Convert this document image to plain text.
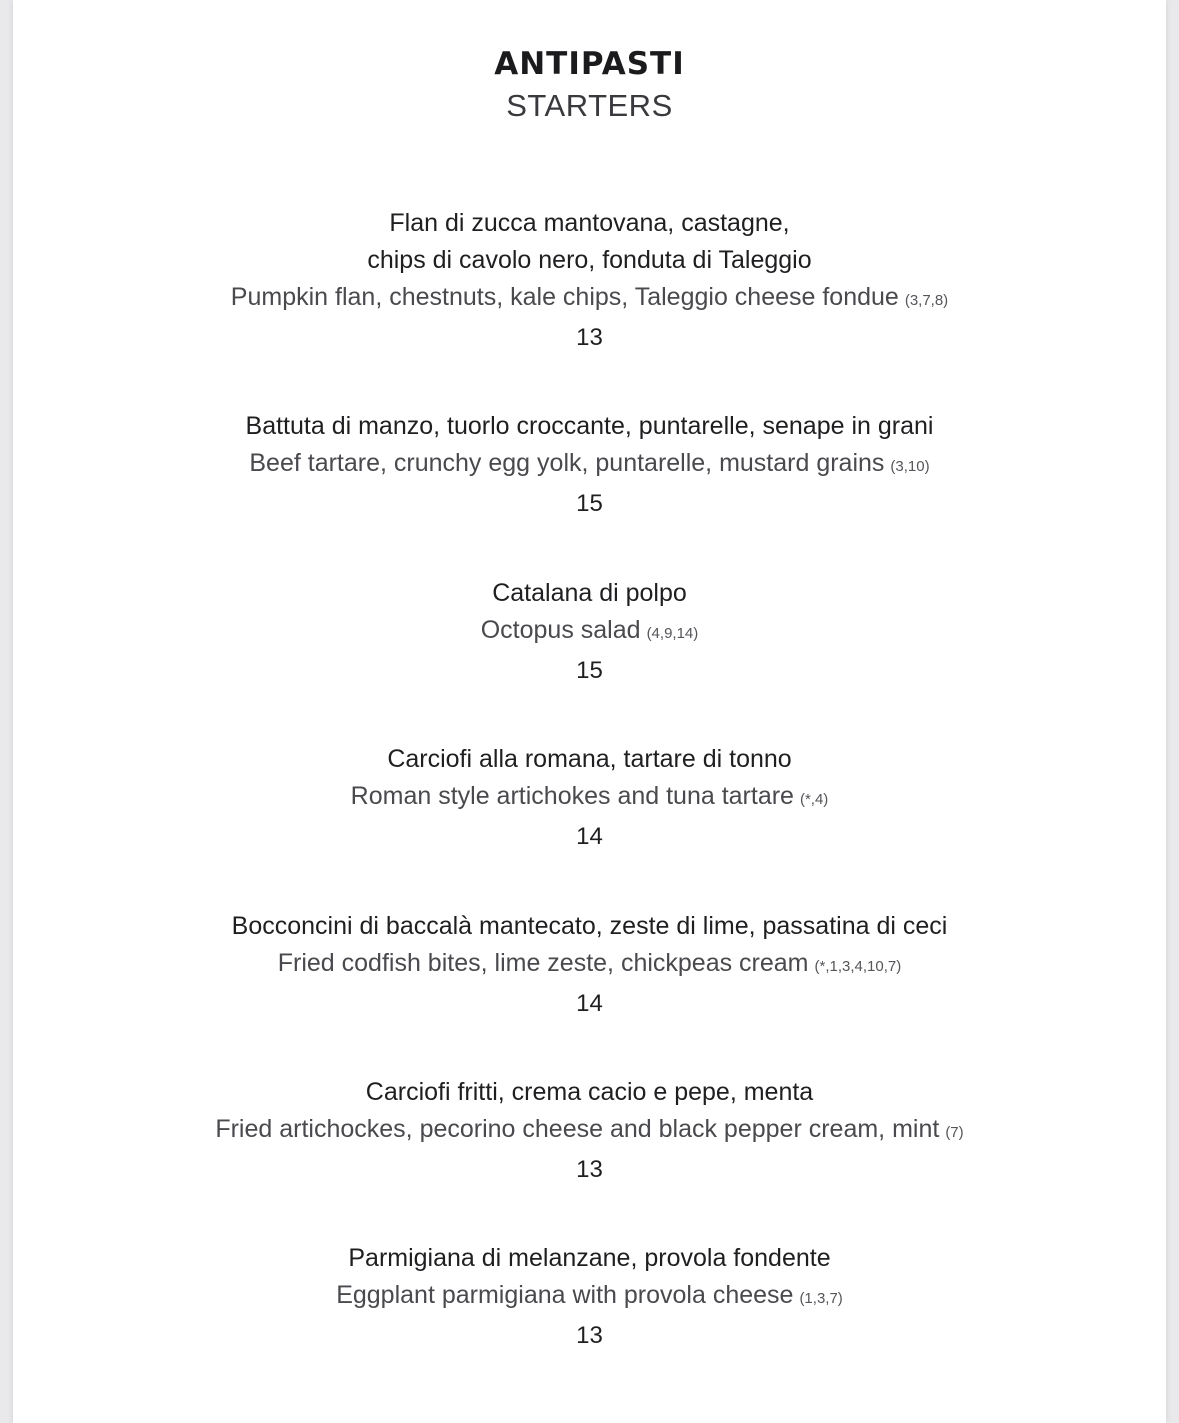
ANTIPASTI
STARTERS
Flan di zucca mantovana, castagne,
chips di cavolo nero, fonduta di Taleggio
Pumpkin flan, chestnuts, kale chips, Taleggio cheese fondue (3,7,8)
13
Battuta di manzo, tuorlo croccante, puntarelle, senape in grani
Beef tartare, crunchy egg yolk, puntarelle, mustard grains (3,10)
15
Catalana di polpo
Octopus salad (4,9,14)
15
Carciofi alla romana, tartare di tonno
Roman style artichokes and tuna tartare (*,4)
14
Bocconcini di baccalà mantecato, zeste di lime, passatina di ceci
Fried codfish bites, lime zeste, chickpeas cream (*,1,3,4,10,7)
14
Carciofi fritti, crema cacio e pepe, menta
Fried artichockes, pecorino cheese and black pepper cream, mint (7)
13
Parmigiana di melanzane, provola fondente
Eggplant parmigiana with provola cheese (1,3,7)
13
